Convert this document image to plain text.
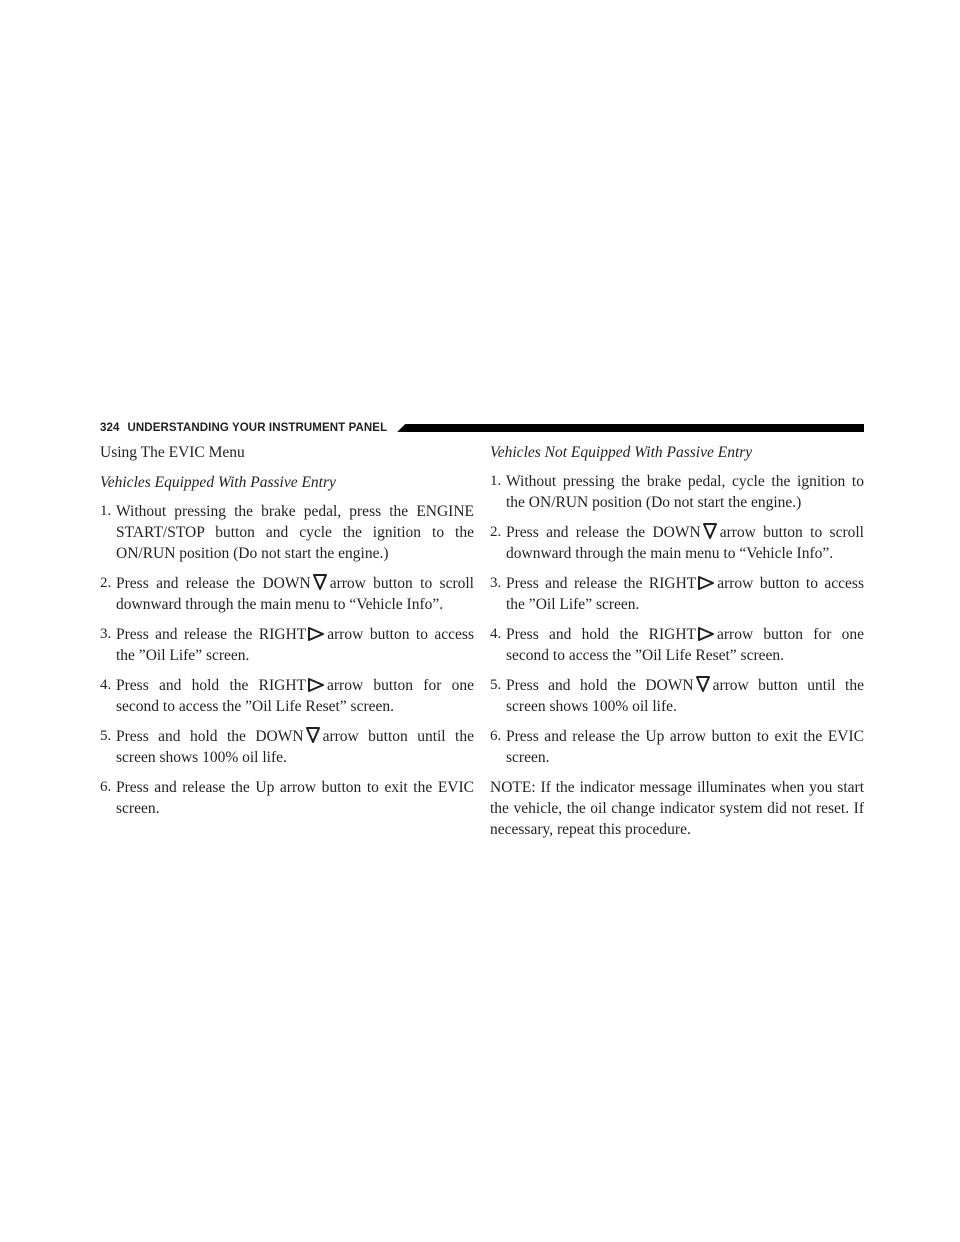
324 UNDERSTANDING YOUR INSTRUMENT PANEL
Using The EVIC Menu
Vehicles Equipped With Passive Entry
1. Without pressing the brake pedal, press the ENGINE START/STOP button and cycle the ignition to the ON/RUN position (Do not start the engine.)
2. Press and release the DOWN arrow button to scroll downward through the main menu to “Vehicle Info”.
3. Press and release the RIGHT arrow button to access the ”Oil Life” screen.
4. Press and hold the RIGHT arrow button for one second to access the ”Oil Life Reset” screen.
5. Press and hold the DOWN arrow button until the screen shows 100% oil life.
6. Press and release the Up arrow button to exit the EVIC screen.
Vehicles Not Equipped With Passive Entry
1. Without pressing the brake pedal, cycle the ignition to the ON/RUN position (Do not start the engine.)
2. Press and release the DOWN arrow button to scroll downward through the main menu to “Vehicle Info”.
3. Press and release the RIGHT arrow button to access the ”Oil Life” screen.
4. Press and hold the RIGHT arrow button for one second to access the ”Oil Life Reset” screen.
5. Press and hold the DOWN arrow button until the screen shows 100% oil life.
6. Press and release the Up arrow button to exit the EVIC screen.

NOTE: If the indicator message illuminates when you start the vehicle, the oil change indicator system did not reset. If necessary, repeat this procedure.
